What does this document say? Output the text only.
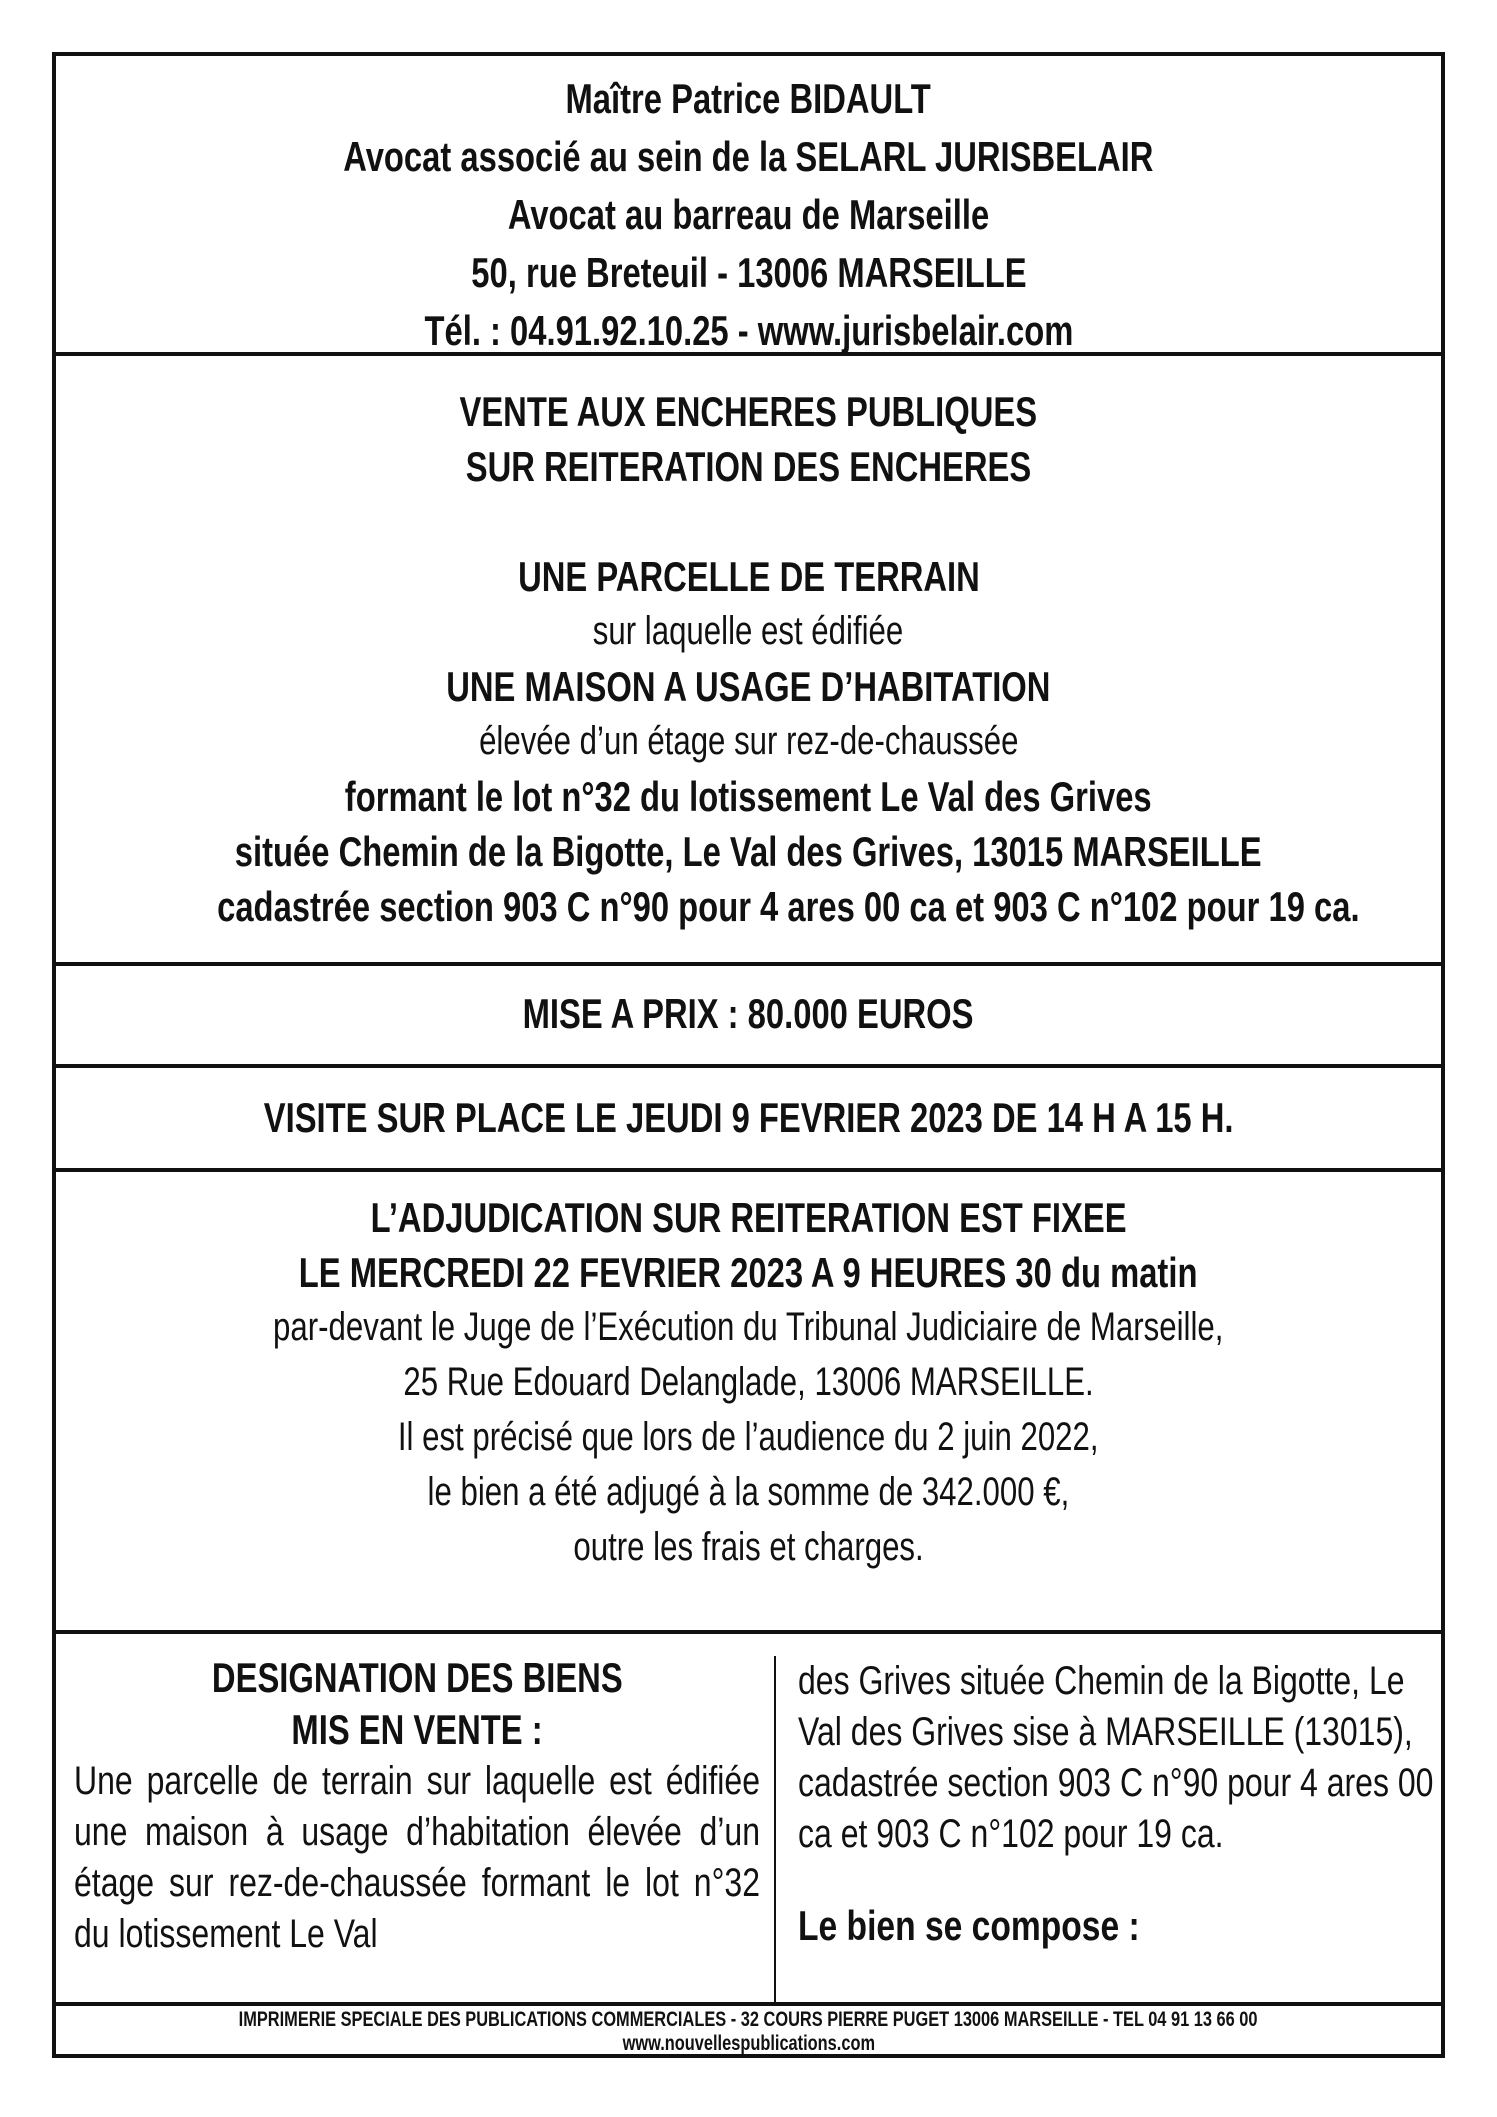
Maître Patrice BIDAULT
Avocat associé au sein de la SELARL JURISBELAIR
Avocat au barreau de Marseille
50, rue Breteuil - 13006 MARSEILLE
Tél. : 04.91.92.10.25 - www.jurisbelair.com
VENTE AUX ENCHERES PUBLIQUES
SUR REITERATION DES ENCHERES
UNE PARCELLE DE TERRAIN
sur laquelle est édifiée
UNE MAISON A USAGE D’HABITATION
élevée d’un étage sur rez-de-chaussée
formant le lot n°32 du lotissement Le Val des Grives
située Chemin de la Bigotte, Le Val des Grives, 13015 MARSEILLE
cadastrée section 903 C n°90 pour 4 ares 00 ca et 903 C n°102 pour 19 ca.
MISE A PRIX : 80.000 EUROS
VISITE SUR PLACE LE JEUDI 9 FEVRIER 2023 DE 14 H A 15 H.
L’ADJUDICATION SUR REITERATION EST FIXEE
LE MERCREDI 22 FEVRIER 2023 A 9 HEURES 30 du matin
par-devant le Juge de l’Exécution du Tribunal Judiciaire de Marseille,
25 Rue Edouard Delanglade, 13006 MARSEILLE.
Il est précisé que lors de l’audience du 2 juin 2022,
le bien a été adjugé à la somme de 342.000 €,
outre les frais et charges.
DESIGNATION DES BIENS
MIS EN VENTE :
Une parcelle de terrain sur laquelle est édifiée une maison à usage d’habitation élevée d’un étage sur rez-de-chaussée formant le lot n°32 du lotissement Le Val
des Grives située Chemin de la Bigotte, Le Val des Grives sise à MARSEILLE (13015), cadastrée section 903 C n°90 pour 4 ares 00 ca et 903 C n°102 pour 19 ca.
Le bien se compose :
IMPRIMERIE SPECIALE DES PUBLICATIONS COMMERCIALES - 32 COURS PIERRE PUGET 13006 MARSEILLE - TEL 04 91 13 66 00
www.nouvellespublications.com
